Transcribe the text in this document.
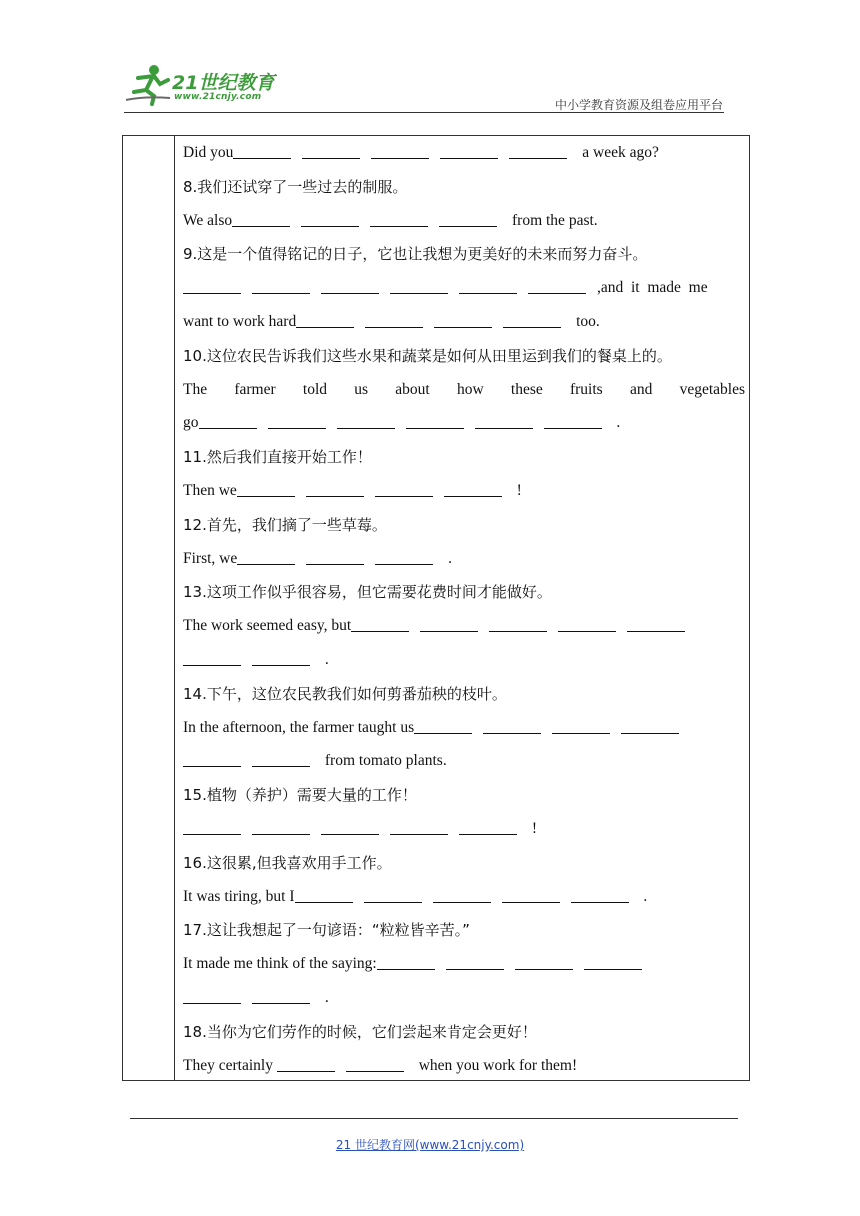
21世纪教育
www.21cnjy.com
中小学教育资源及组卷应用平台
Did you	a week ago?
8.我们还试穿了一些过去的制服。
We also	from the past.
9.这是一个值得铭记的日子，它也让我想为更美好的未来而努力奋斗。
,and  it  made  me
want to work hard	too.
10.这位农民告诉我们这些水果和蔬菜是如何从田里运到我们的餐桌上的。
The farmer told us about how these fruits and vegetables
go	.
11.然后我们直接开始工作！
Then we	!
12.首先，我们摘了一些草莓。
First, we	.
13.这项工作似乎很容易，但它需要花费时间才能做好。
The work seemed easy, but
.
14.下午，这位农民教我们如何剪番茄秧的枝叶。
In the afternoon, the farmer taught us
from tomato plants.
15.植物（养护）需要大量的工作！
!
16.这很累,但我喜欢用手工作。
It was tiring, but I	.
17.这让我想起了一句谚语：“粒粒皆辛苦。”
It made me think of the saying:
.
18.当你为它们劳作的时候，它们尝起来肯定会更好！
They certainly	when you work for them!
21 世纪教育网(www.21cnjy.com)
